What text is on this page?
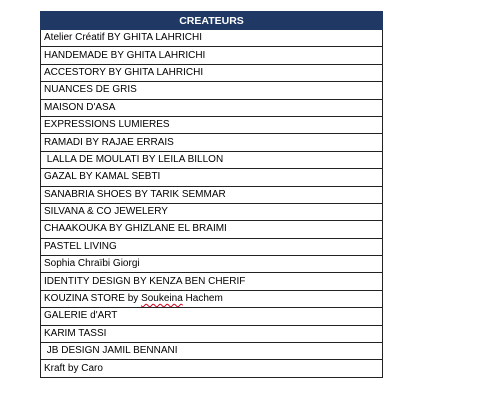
CREATEURS
Atelier Créatif BY GHITA LAHRICHI
HANDEMADE BY GHITA LAHRICHI
ACCESTORY BY GHITA LAHRICHI
NUANCES DE GRIS
MAISON D'ASA
EXPRESSIONS LUMIERES
RAMADI BY RAJAE ERRAIS
LALLA DE MOULATI BY LEILA BILLON
GAZAL BY KAMAL SEBTI
SANABRIA SHOES BY TARIK SEMMAR
SILVANA & CO JEWELERY
CHAAKOUKA BY GHIZLANE EL BRAIMI
PASTEL LIVING
Sophia Chraïbi Giorgi
IDENTITY DESIGN BY KENZA BEN CHERIF
KOUZINA STORE by Soukeina Hachem
GALERIE d'ART
KARIM TASSI
JB DESIGN JAMIL BENNANI
Kraft by Caro
